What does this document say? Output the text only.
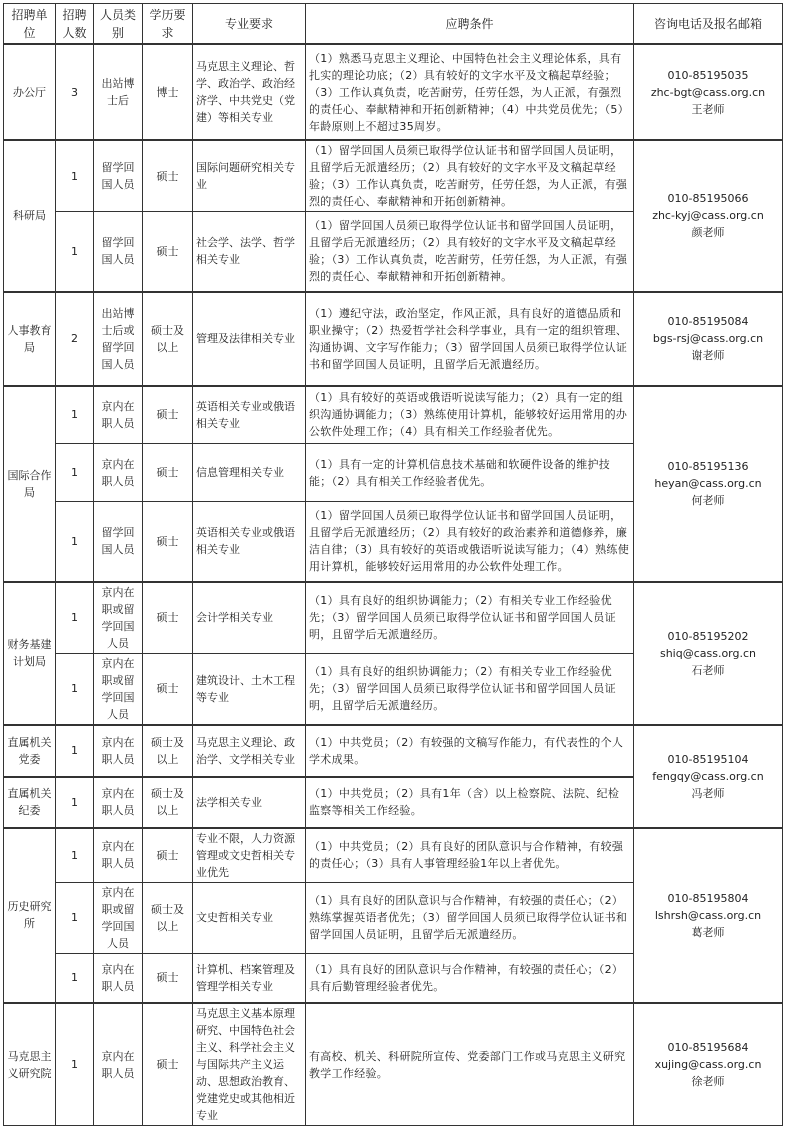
招聘单位	招聘人数	人员类别	学历要求	专业要求	应聘条件	咨询电话及报名邮箱
办公厅	3	出站博士后	博士	马克思主义理论、哲学、政治学、政治经济学、中共党史（党建）等相关专业	（1）熟悉马克思主义理论、中国特色社会主义理论体系，具有扎实的理论功底；（2）具有较好的文字水平及文稿起草经验；（3）工作认真负责，吃苦耐劳，任劳任怨，为人正派，有强烈的责任心、奉献精神和开拓创新精神；（4）中共党员优先；（5）年龄原则上不超过35周岁。	010-85195035
zhc-bgt@cass.org.cn
王老师

科研局	1	留学回国人员	硕士	国际问题研究相关专业	（1）留学回国人员须已取得学位认证书和留学回国人员证明，且留学后无派遣经历；（2）具有较好的文字水平及文稿起草经验；（3）工作认真负责，吃苦耐劳，任劳任怨，为人正派，有强烈的责任心、奉献精神和开拓创新精神。	010-85195066
zhc-kyj@cass.org.cn
颜老师

	1	留学回国人员	硕士	社会学、法学、哲学相关专业	（1）留学回国人员须已取得学位认证书和留学回国人员证明，且留学后无派遣经历；（2）具有较好的文字水平及文稿起草经验；（3）工作认真负责，吃苦耐劳，任劳任怨，为人正派，有强烈的责任心、奉献精神和开拓创新精神。	
人事教育局	2	出站博士后或留学回国人员	硕士及以上	管理及法律相关专业	（1）遵纪守法，政治坚定，作风正派，具有良好的道德品质和职业操守；（2）热爱哲学社会科学事业，具有一定的组织管理、沟通协调、文字写作能力；（3）留学回国人员须已取得学位认证书和留学回国人员证明，且留学后无派遣经历。	010-85195084
bgs-rsj@cass.org.cn
谢老师

国际合作局	1	京内在职人员	硕士	英语相关专业或俄语相关专业	（1）具有较好的英语或俄语听说读写能力；（2）具有一定的组织沟通协调能力；（3）熟练使用计算机，能够较好运用常用的办公软件处理工作；（4）具有相关工作经验者优先。	010-85195136
heyan@cass.org.cn
何老师

	1	京内在职人员	硕士	信息管理相关专业	（1）具有一定的计算机信息技术基础和软硬件设备的维护技能；（2）具有相关工作经验者优先。	
	1	留学回国人员	硕士	英语相关专业或俄语相关专业	（1）留学回国人员须已取得学位认证书和留学回国人员证明，且留学后无派遣经历；（2）具有较好的政治素养和道德修养，廉洁自律；（3）具有较好的英语或俄语听说读写能力；（4）熟练使用计算机，能够较好运用常用的办公软件处理工作。	
财务基建计划局	1	京内在职或留学回国人员	硕士	会计学相关专业	（1）具有良好的组织协调能力；（2）有相关专业工作经验优先；（3）留学回国人员须已取得学位认证书和留学回国人员证明，且留学后无派遣经历。	010-85195202
shiq@cass.org.cn
石老师

	1	京内在职或留学回国人员	硕士	建筑设计、土木工程等专业	（1）具有良好的组织协调能力；（2）有相关专业工作经验优先；（3）留学回国人员须已取得学位认证书和留学回国人员证明，且留学后无派遣经历。	
直属机关党委	1	京内在职人员	硕士及以上	马克思主义理论、政治学、文学相关专业	（1）中共党员；（2）有较强的文稿写作能力，有代表性的个人学术成果。	010-85195104
fengqy@cass.org.cn
冯老师

直属机关纪委	1	京内在职人员	硕士及以上	法学相关专业	（1）中共党员；（2）具有1年（含）以上检察院、法院、纪检监察等相关工作经验。	
历史研究所	1	京内在职人员	硕士	专业不限，人力资源管理或文史哲相关专业优先	（1）中共党员；（2）具有良好的团队意识与合作精神，有较强的责任心；（3）具有人事管理经验1年以上者优先。	010-85195804
lshrsh@cass.org.cn
葛老师

	1	京内在职或留学回国人员	硕士及以上	文史哲相关专业	（1）具有良好的团队意识与合作精神，有较强的责任心；（2）熟练掌握英语者优先；（3）留学回国人员须已取得学位认证书和留学回国人员证明，且留学后无派遣经历。	
	1	京内在职人员	硕士	计算机、档案管理及管理学相关专业	（1）具有良好的团队意识与合作精神，有较强的责任心；（2）具有后勤管理经验者优先。	
马克思主义研究院	1	京内在职人员	硕士	马克思主义基本原理研究、中国特色社会主义、科学社会主义与国际共产主义运动、思想政治教育、党建党史或其他相近专业	有高校、机关、科研院所宣传、党委部门工作或马克思主义研究教学工作经验。	010-85195684
xujing@cass.org.cn
徐老师
